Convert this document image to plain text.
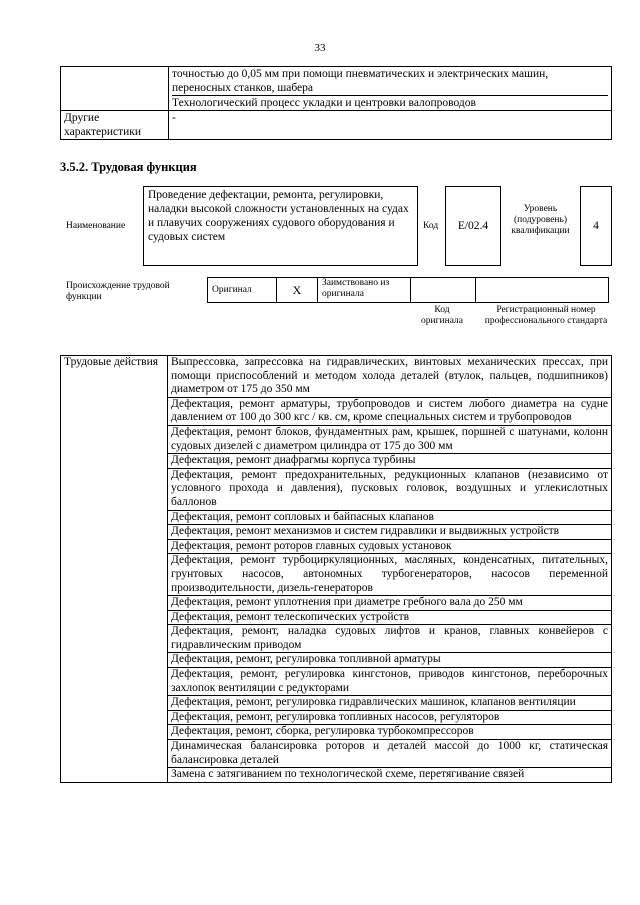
33
	точностью до 0,05 мм при помощи пневматических и электрических машин,

переносных станков, шабера
Технологический процесс укладки и центровки валопроводов
Другие
характеристики	-
3.5.2. Трудовая функция
Наименование
Проведение дефектации, ремонта, регулировки, наладки высокой сложности установленных на судах и плавучих сооружениях судового оборудования и судовых систем
Код	E/02.4
Уровень (подуровень) квалификации	4
Происхождение трудовой функции
Оригинал	X	Заимствовано из оригинала		
Код оригинала
Регистрационный номер профессионального стандарта
Трудовые действия	Выпрессовка, запрессовка на гидравлических, винтовых механических прессах, при помощи приспособлений и методом холода деталей (втулок, пальцев, подшипников) диаметром от 175 до 350 мм
Дефектация, ремонт арматуры, трубопроводов и систем любого диаметра на судне давлением от 100 до 300 кгс / кв. см, кроме специальных систем и трубопроводов
Дефектация, ремонт блоков, фундаментных рам, крышек, поршней с шатунами, колонн судовых дизелей с диаметром цилиндра от 175 до 300 мм
Дефектация, ремонт диафрагмы корпуса турбины
Дефектация, ремонт предохранительных, редукционных клапанов (независимо от условного прохода и давления), пусковых головок, воздушных и углекислотных баллонов
Дефектация, ремонт сопловых и байпасных клапанов
Дефектация, ремонт механизмов и систем гидравлики и выдвижных устройств
Дефектация, ремонт роторов главных судовых установок
Дефектация, ремонт турбоциркуляционных, масляных, конденсатных, питательных, грунтовых насосов, автономных турбогенераторов, насосов переменной производительности, дизель-генераторов
Дефектация, ремонт уплотнения при диаметре гребного вала до 250 мм
Дефектация, ремонт телескопических устройств
Дефектация, ремонт, наладка судовых лифтов и кранов, главных конвейеров с гидравлическим приводом
Дефектация, ремонт, регулировка топливной арматуры
Дефектация, ремонт, регулировка кингстонов, приводов кингстонов, переборочных захлопок вентиляции с редукторами
Дефектация, ремонт, регулировка гидравлических машинок, клапанов вентиляции
Дефектация, ремонт, регулировка топливных насосов, регуляторов
Дефектация, ремонт, сборка, регулировка турбокомпрессоров
Динамическая балансировка роторов и деталей массой до 1000 кг, статическая балансировка деталей
Замена с затягиванием по технологической схеме, перетягивание связей
